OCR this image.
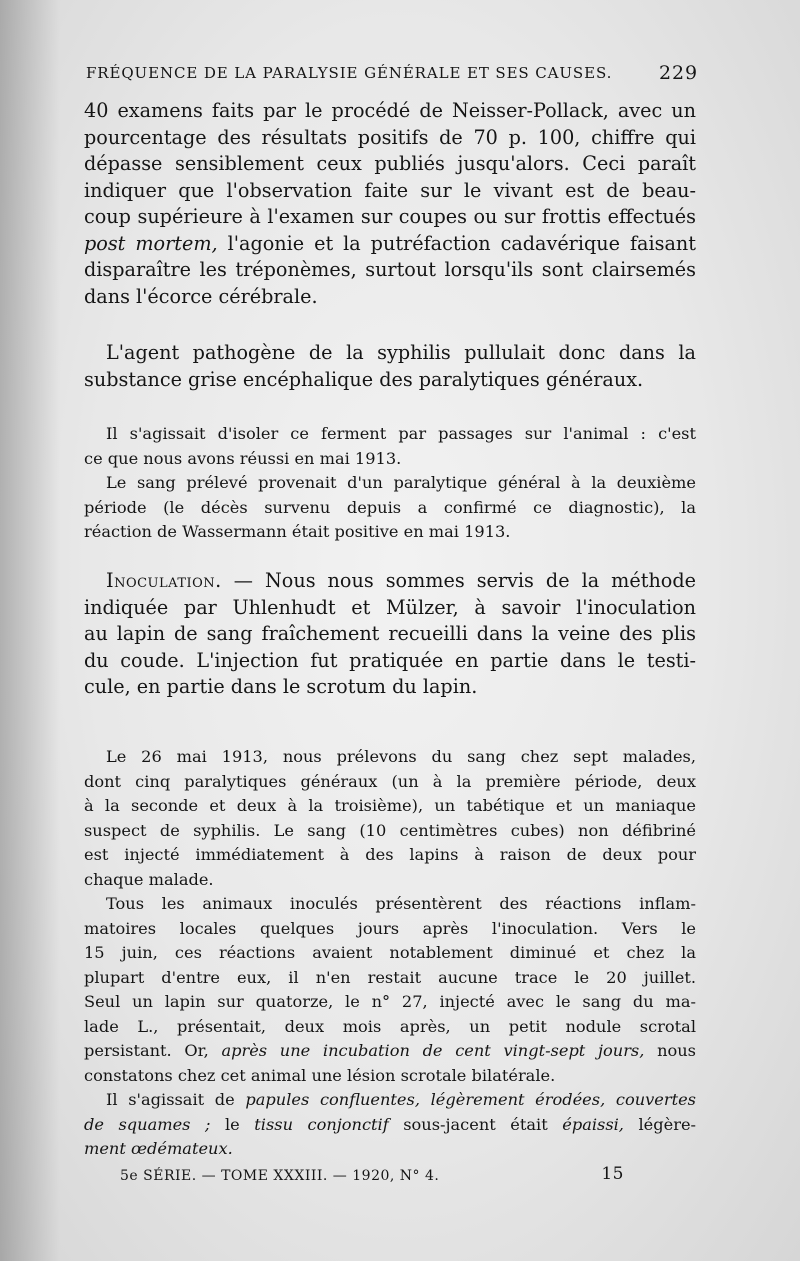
FRÉQUENCE DE LA PARALYSIE GÉNÉRALE ET SES CAUSES. 229
40 examens faits par le procédé de Neisser-Pollack, avec un
pourcentage des résultats positifs de 70 p. 100, chiffre qui
dépasse sensiblement ceux publiés jusqu'alors. Ceci paraît
indiquer que l'observation faite sur le vivant est de beau-
coup supérieure à l'examen sur coupes ou sur frottis effectués
post mortem, l'agonie et la putréfaction cadavérique faisant
disparaître les tréponèmes, surtout lorsqu'ils sont clairsemés
dans l'écorce cérébrale.
L'agent pathogène de la syphilis pullulait donc dans la
substance grise encéphalique des paralytiques généraux.
Il s'agissait d'isoler ce ferment par passages sur l'animal : c'est
ce que nous avons réussi en mai 1913.
Le sang prélevé provenait d'un paralytique général à la deuxième
période (le décès survenu depuis a confirmé ce diagnostic), la
réaction de Wassermann était positive en mai 1913.
Inoculation. — Nous nous sommes servis de la méthode
indiquée par Uhlenhudt et Mülzer, à savoir l'inoculation
au lapin de sang fraîchement recueilli dans la veine des plis
du coude. L'injection fut pratiquée en partie dans le testi-
cule, en partie dans le scrotum du lapin.
Le 26 mai 1913, nous prélevons du sang chez sept malades,
dont cinq paralytiques généraux (un à la première période, deux
à la seconde et deux à la troisième), un tabétique et un maniaque
suspect de syphilis. Le sang (10 centimètres cubes) non défibriné
est injecté immédiatement à des lapins à raison de deux pour
chaque malade.
Tous les animaux inoculés présentèrent des réactions inflam-
matoires locales quelques jours après l'inoculation. Vers le
15 juin, ces réactions avaient notablement diminué et chez la
plupart d'entre eux, il n'en restait aucune trace le 20 juillet.
Seul un lapin sur quatorze, le n° 27, injecté avec le sang du ma-
lade L., présentait, deux mois après, un petit nodule scrotal
persistant. Or, après une incubation de cent vingt-sept jours, nous
constatons chez cet animal une lésion scrotale bilatérale.
Il s'agissait de papules confluentes, légèrement érodées, couvertes
de squames ; le tissu conjonctif sous-jacent était épaissi, légère-
ment œdémateux.
5e SÉRIE. — TOME XXXIII. — 1920, N° 4.	15
